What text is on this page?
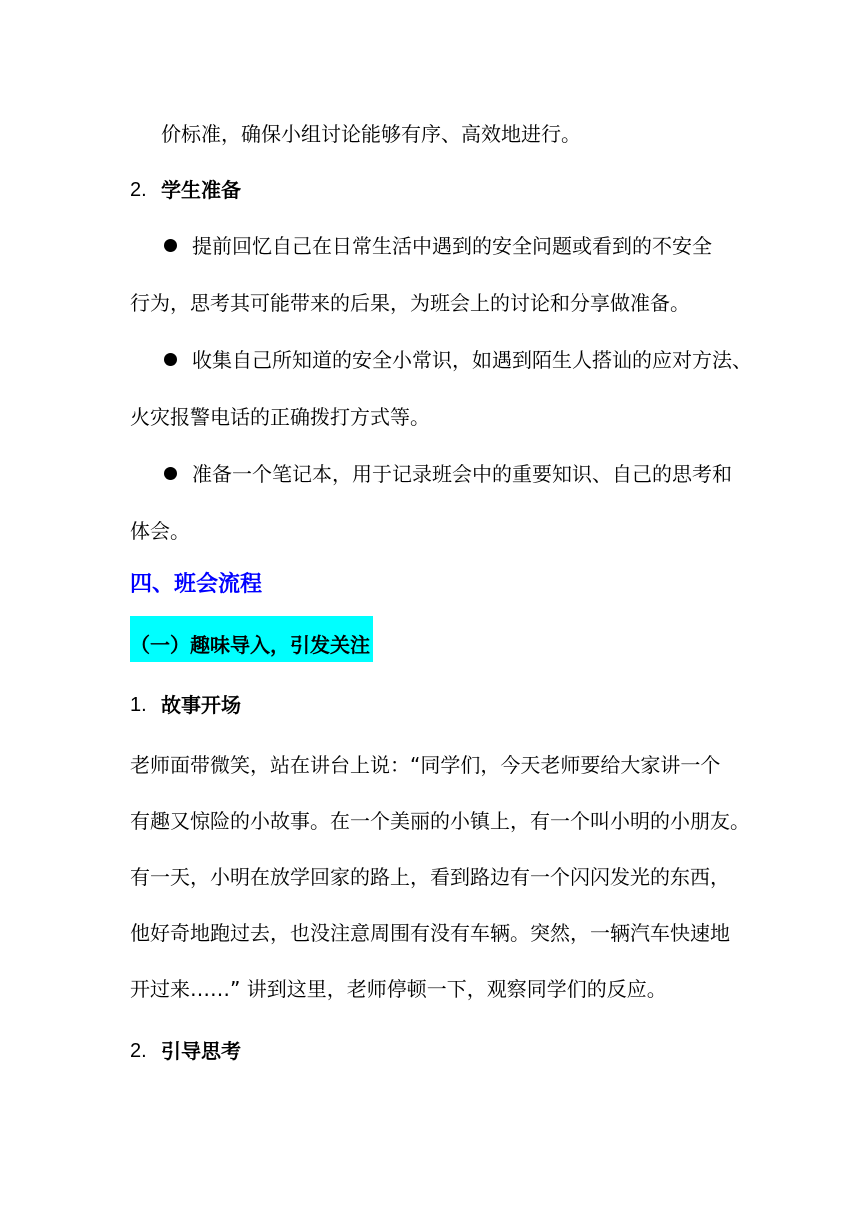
价标准，确保小组讨论能够有序、高效地进行。
2. 学生准备
提前回忆自己在日常生活中遇到的安全问题或看到的不安全
行为，思考其可能带来的后果，为班会上的讨论和分享做准备。
收集自己所知道的安全小常识，如遇到陌生人搭讪的应对方法、
火灾报警电话的正确拨打方式等。
准备一个笔记本，用于记录班会中的重要知识、自己的思考和
体会。
四、班会流程
（一）趣味导入，引发关注
1. 故事开场
老师面带微笑，站在讲台上说：“同学们，今天老师要给大家讲一个
有趣又惊险的小故事。在一个美丽的小镇上，有一个叫小明的小朋友。
有一天，小明在放学回家的路上，看到路边有一个闪闪发光的东西，
他好奇地跑过去，也没注意周围有没有车辆。突然，一辆汽车快速地
开过来……” 讲到这里，老师停顿一下，观察同学们的反应。
2. 引导思考
